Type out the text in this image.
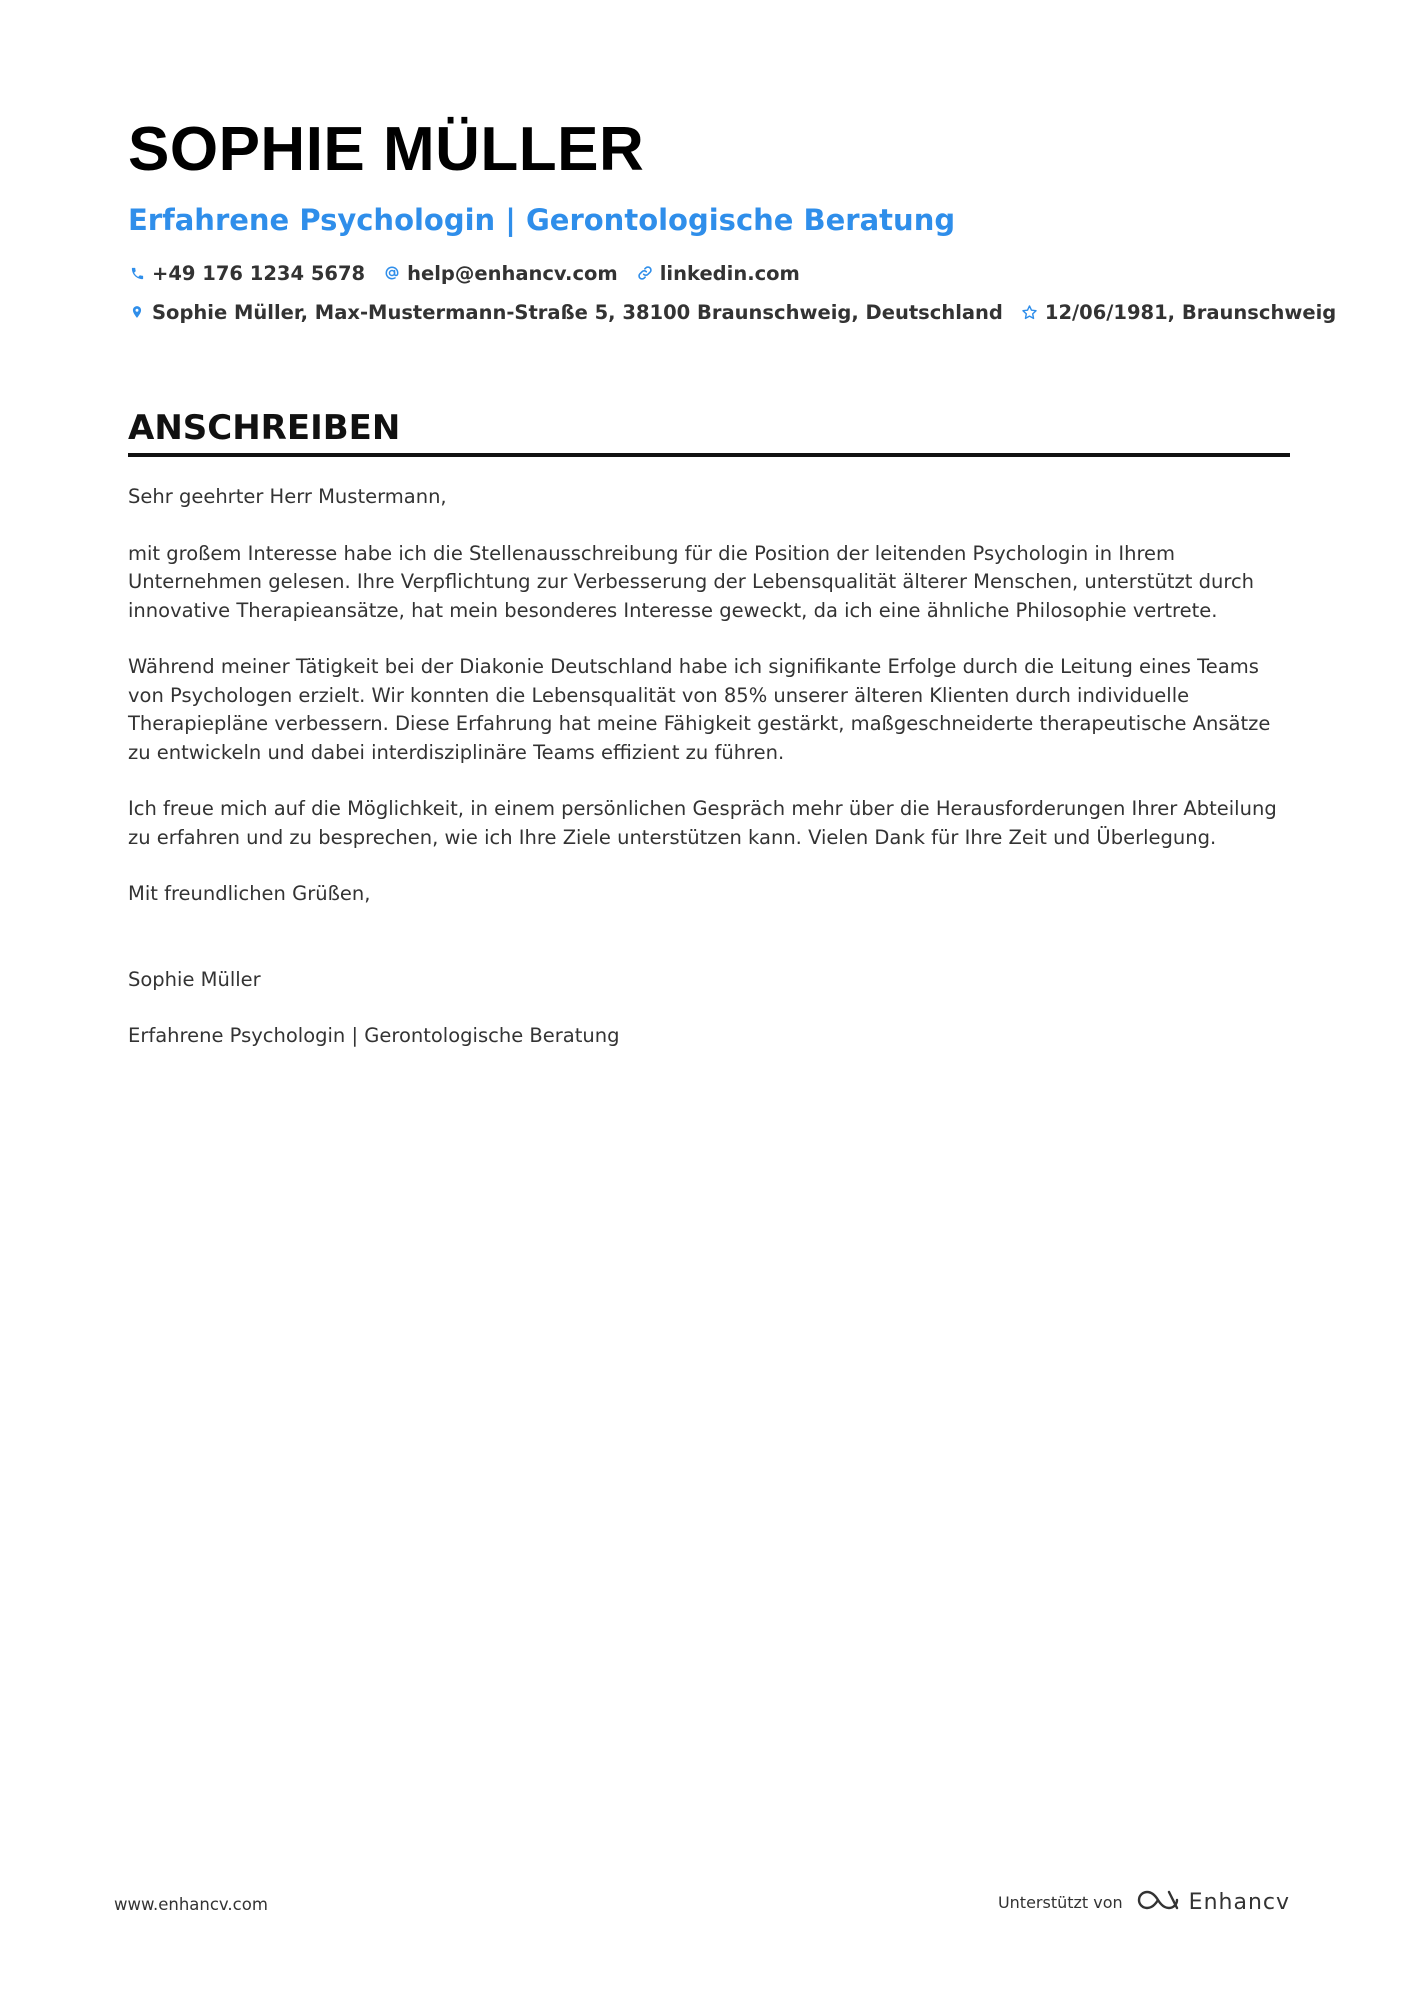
SOPHIE MÜLLER
Erfahrene Psychologin | Gerontologische Beratung
+49 176 1234 5678 help@enhancv.com linkedin.com
Sophie Müller, Max-Mustermann-Straße 5, 38100 Braunschweig, Deutschland 12/06/1981, Braunschweig
ANSCHREIBEN

Sehr geehrter Herr Mustermann,

mit großem Interesse habe ich die Stellenausschreibung für die Position der leitenden Psychologin in Ihrem Unternehmen gelesen. Ihre Verpflichtung zur Verbesserung der Lebensqualität älterer Menschen, unterstützt durch innovative Therapieansätze, hat mein besonderes Interesse geweckt, da ich eine ähnliche Philosophie vertrete.

Während meiner Tätigkeit bei der Diakonie Deutschland habe ich signifikante Erfolge durch die Leitung eines Teams von Psychologen erzielt. Wir konnten die Lebensqualität von 85% unserer älteren Klienten durch individuelle Therapiepläne verbessern. Diese Erfahrung hat meine Fähigkeit gestärkt, maßgeschneiderte therapeutische Ansätze zu entwickeln und dabei interdisziplinäre Teams effizient zu führen.

Ich freue mich auf die Möglichkeit, in einem persönlichen Gespräch mehr über die Herausforderungen Ihrer Abteilung zu erfahren und zu besprechen, wie ich Ihre Ziele unterstützen kann. Vielen Dank für Ihre Zeit und Überlegung.

Mit freundlichen Grüßen,

Sophie Müller

Erfahrene Psychologin | Gerontologische Beratung

www.enhancv.com	Unterstützt von	Enhancv
